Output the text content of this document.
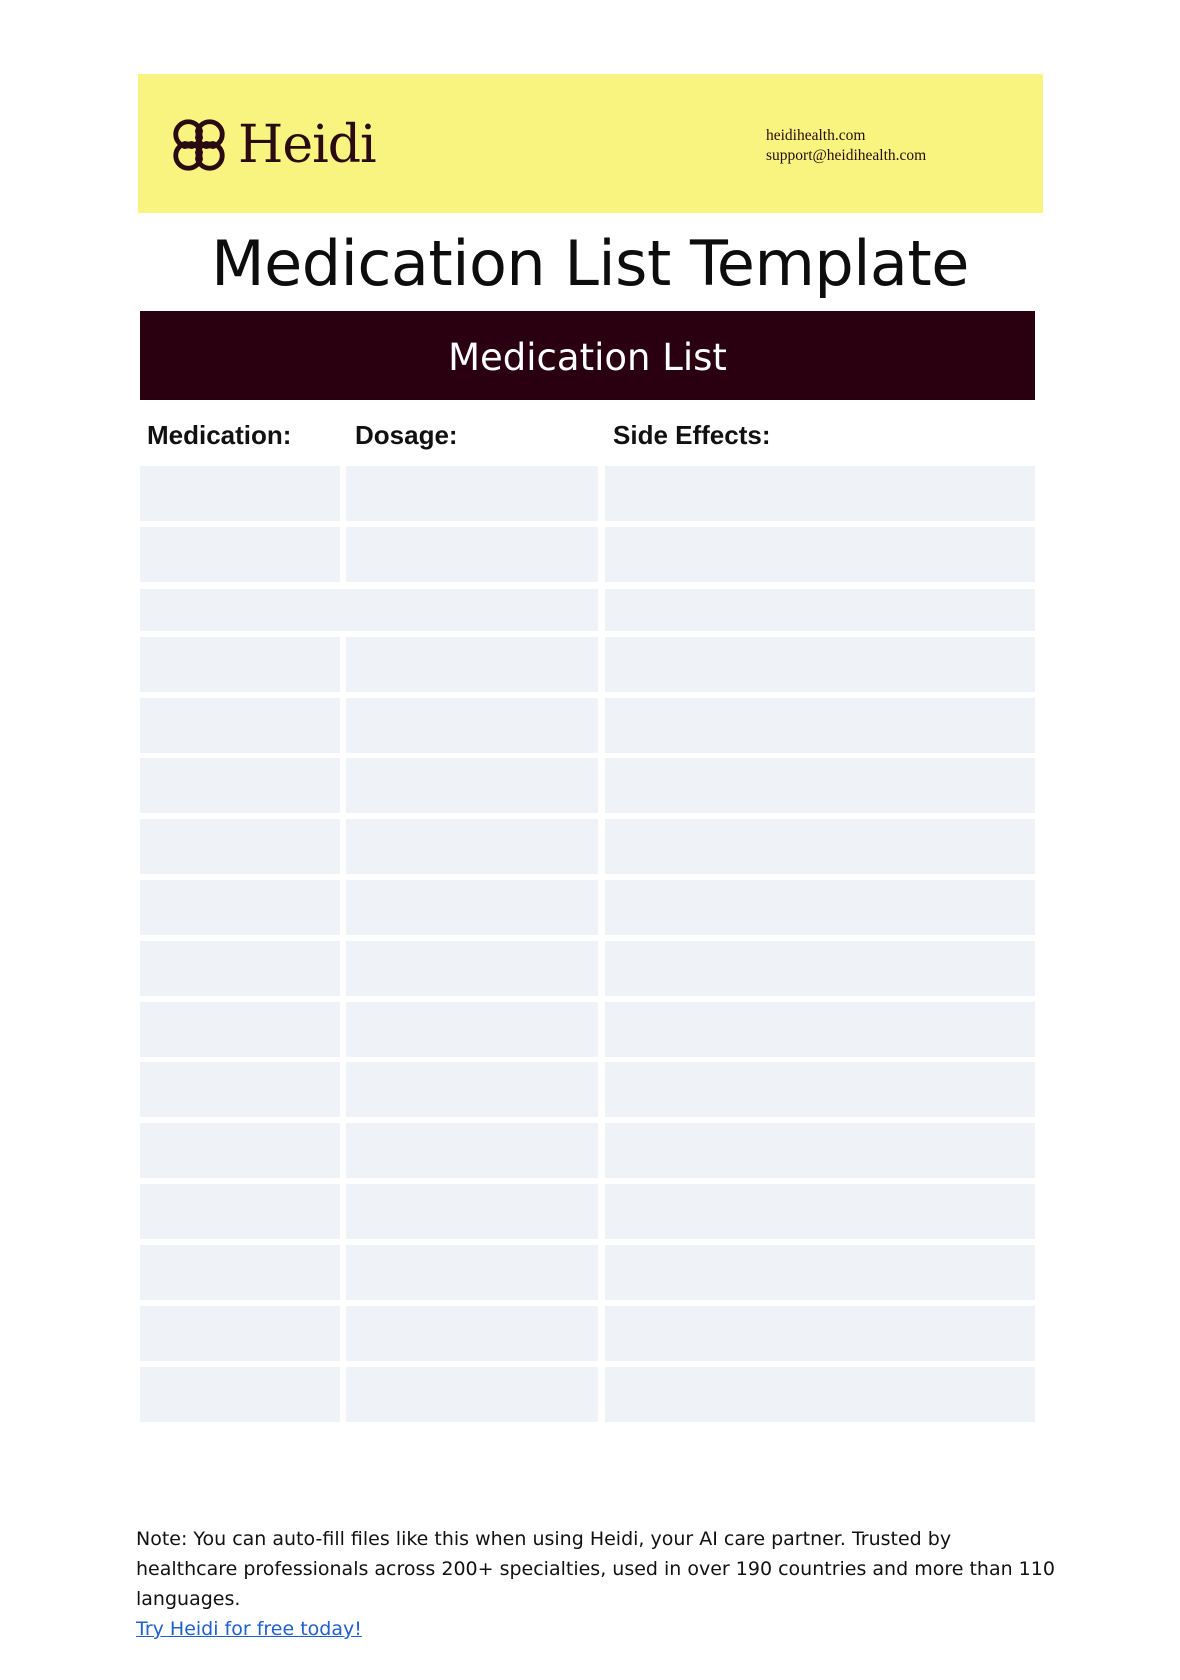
Heidi	heidihealth.com
support@heidihealth.com
Medication List Template
Medication List
Medication: Dosage:	Side Effects:
Note: You can auto-fill files like this when using Heidi, your AI care partner. Trusted by healthcare professionals across 200+ specialties, used in over 190 countries and more than 110 languages.
Try Heidi for free today!
